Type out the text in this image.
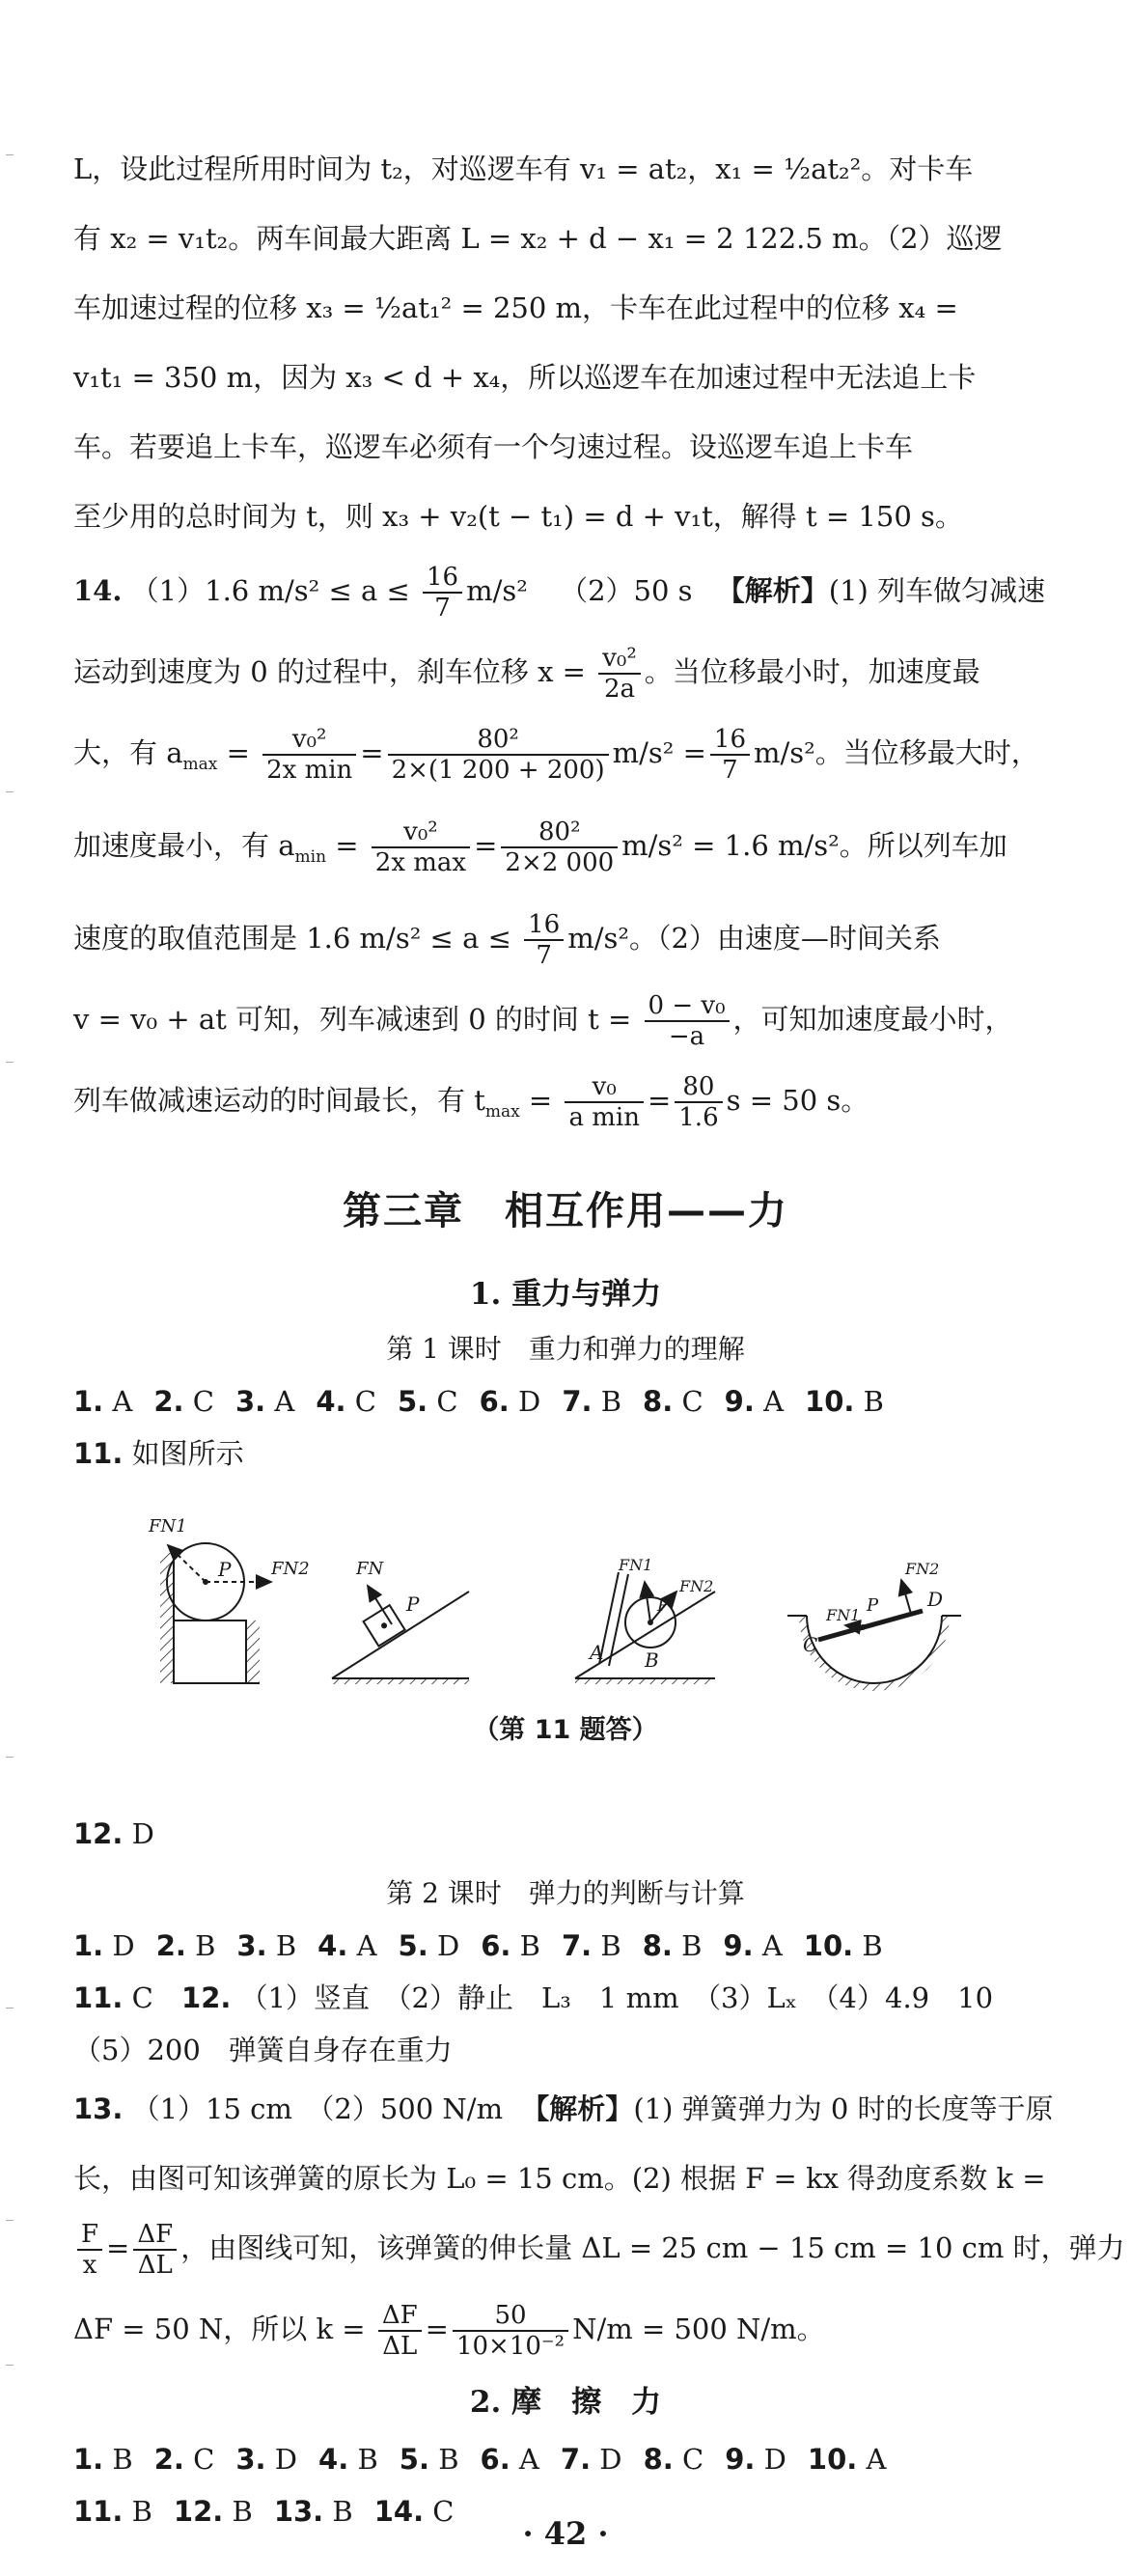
L，设此过程所用时间为 t₂，对巡逻车有 v₁ = at₂，x₁ = ½at₂²。对卡车

有 x₂ = v₁t₂。两车间最大距离 L = x₂ + d − x₁ = 2 122.5 m。（2）巡逻

车加速过程的位移 x₃ = ½at₁² = 250 m，卡车在此过程中的位移 x₄ =

v₁t₁ = 350 m，因为 x₃ < d + x₄，所以巡逻车在加速过程中无法追上卡

车。若要追上卡车，巡逻车必须有一个匀速过程。设巡逻车追上卡车

至少用的总时间为 t，则 x₃ + v₂(t − t₁) = d + v₁t，解得 t = 150 s。

14. （1）1.6 $m/s^2 \le a \le \frac{16}{7} m/s^2$ （2）50 s 【解析】(1) 列车做匀减速

运动到速度为 0 的过程中，刹车位移 $x = \frac{\text{v₀²}}{2a}$ 。当位移最小时，加速度最

大，有 $a_{max} = \frac{\text{v₀²}}{\text{2x min}} = \frac{\text{80²}}{2\times(1 200 + 200)} m/s^2 = \frac{16}{7} m/s^2$。当位移最大时，

加速度最小，有 $a_{min} = \frac{\text{v₀²}}{\text{2x max}} = \frac{\text{80²}}{2\times 2 000} m/s^2 = 1.6$ m/s²。所以列车加

速度的取值范围是 1.6 $m/s^2 \le a \le \frac{16}{7} m/s^2$。（2）由速度—时间关系

v = v₀ + at 可知，列车减速到 0 的时间 $t = \frac{\text{0 − v₀}}{-a}$ ，可知加速度最小时，

列车做减速运动的时间最长，有 $t_{max} = \frac{\text{v₀}}{\text{a min}} = \frac{80}{1.6}$ s = 50 s。

第三章　相互作用——力
1. 重力与弹力

第 1 课时　重力和弹力的理解

1. A 2. C 3. A 4. C 5. C 6. D 7. B 8. C 9. A 10. B

11. 如图所示

P
FN1
FN2	FN
P
FN1
FN2
P
A B
FN1
FN2
P
C
D

（第 11 题答）

12. D

第 2 课时　弹力的判断与计算

1. D 2. B 3. B 4. A 5. D 6. B 7. B 8. B 9. A 10. B

11. C 12. （1）竖直　（2）静止　L₃　1 mm　（3）Lₓ　（4）4.9　10

（5）200　弹簧自身存在重力

13. （1）15 cm　（2）500 N/m 【解析】(1) 弹簧弹力为 0 时的长度等于原

长，由图可知该弹簧的原长为 L₀ = 15 cm。(2) 根据 F = kx 得劲度系数 k =

$\frac{F}{x} = \frac{\Delta F}{\Delta L}$ ，由图线可知，该弹簧的伸长量 ΔL = 25 cm − 15 cm = 10 cm 时，弹力

ΔF = 50 N，所以 $k = \frac{\Delta F}{\Delta L} = \frac{50}{\text{10×10⁻²}} N/m = 500$ N/m。

2. 摩　擦　力

1. B 2. C 3. D 4. B 5. B 6. A 7. D 8. C 9. D 10. A

11. B 12. B 13. B 14. C

· 42 ·
